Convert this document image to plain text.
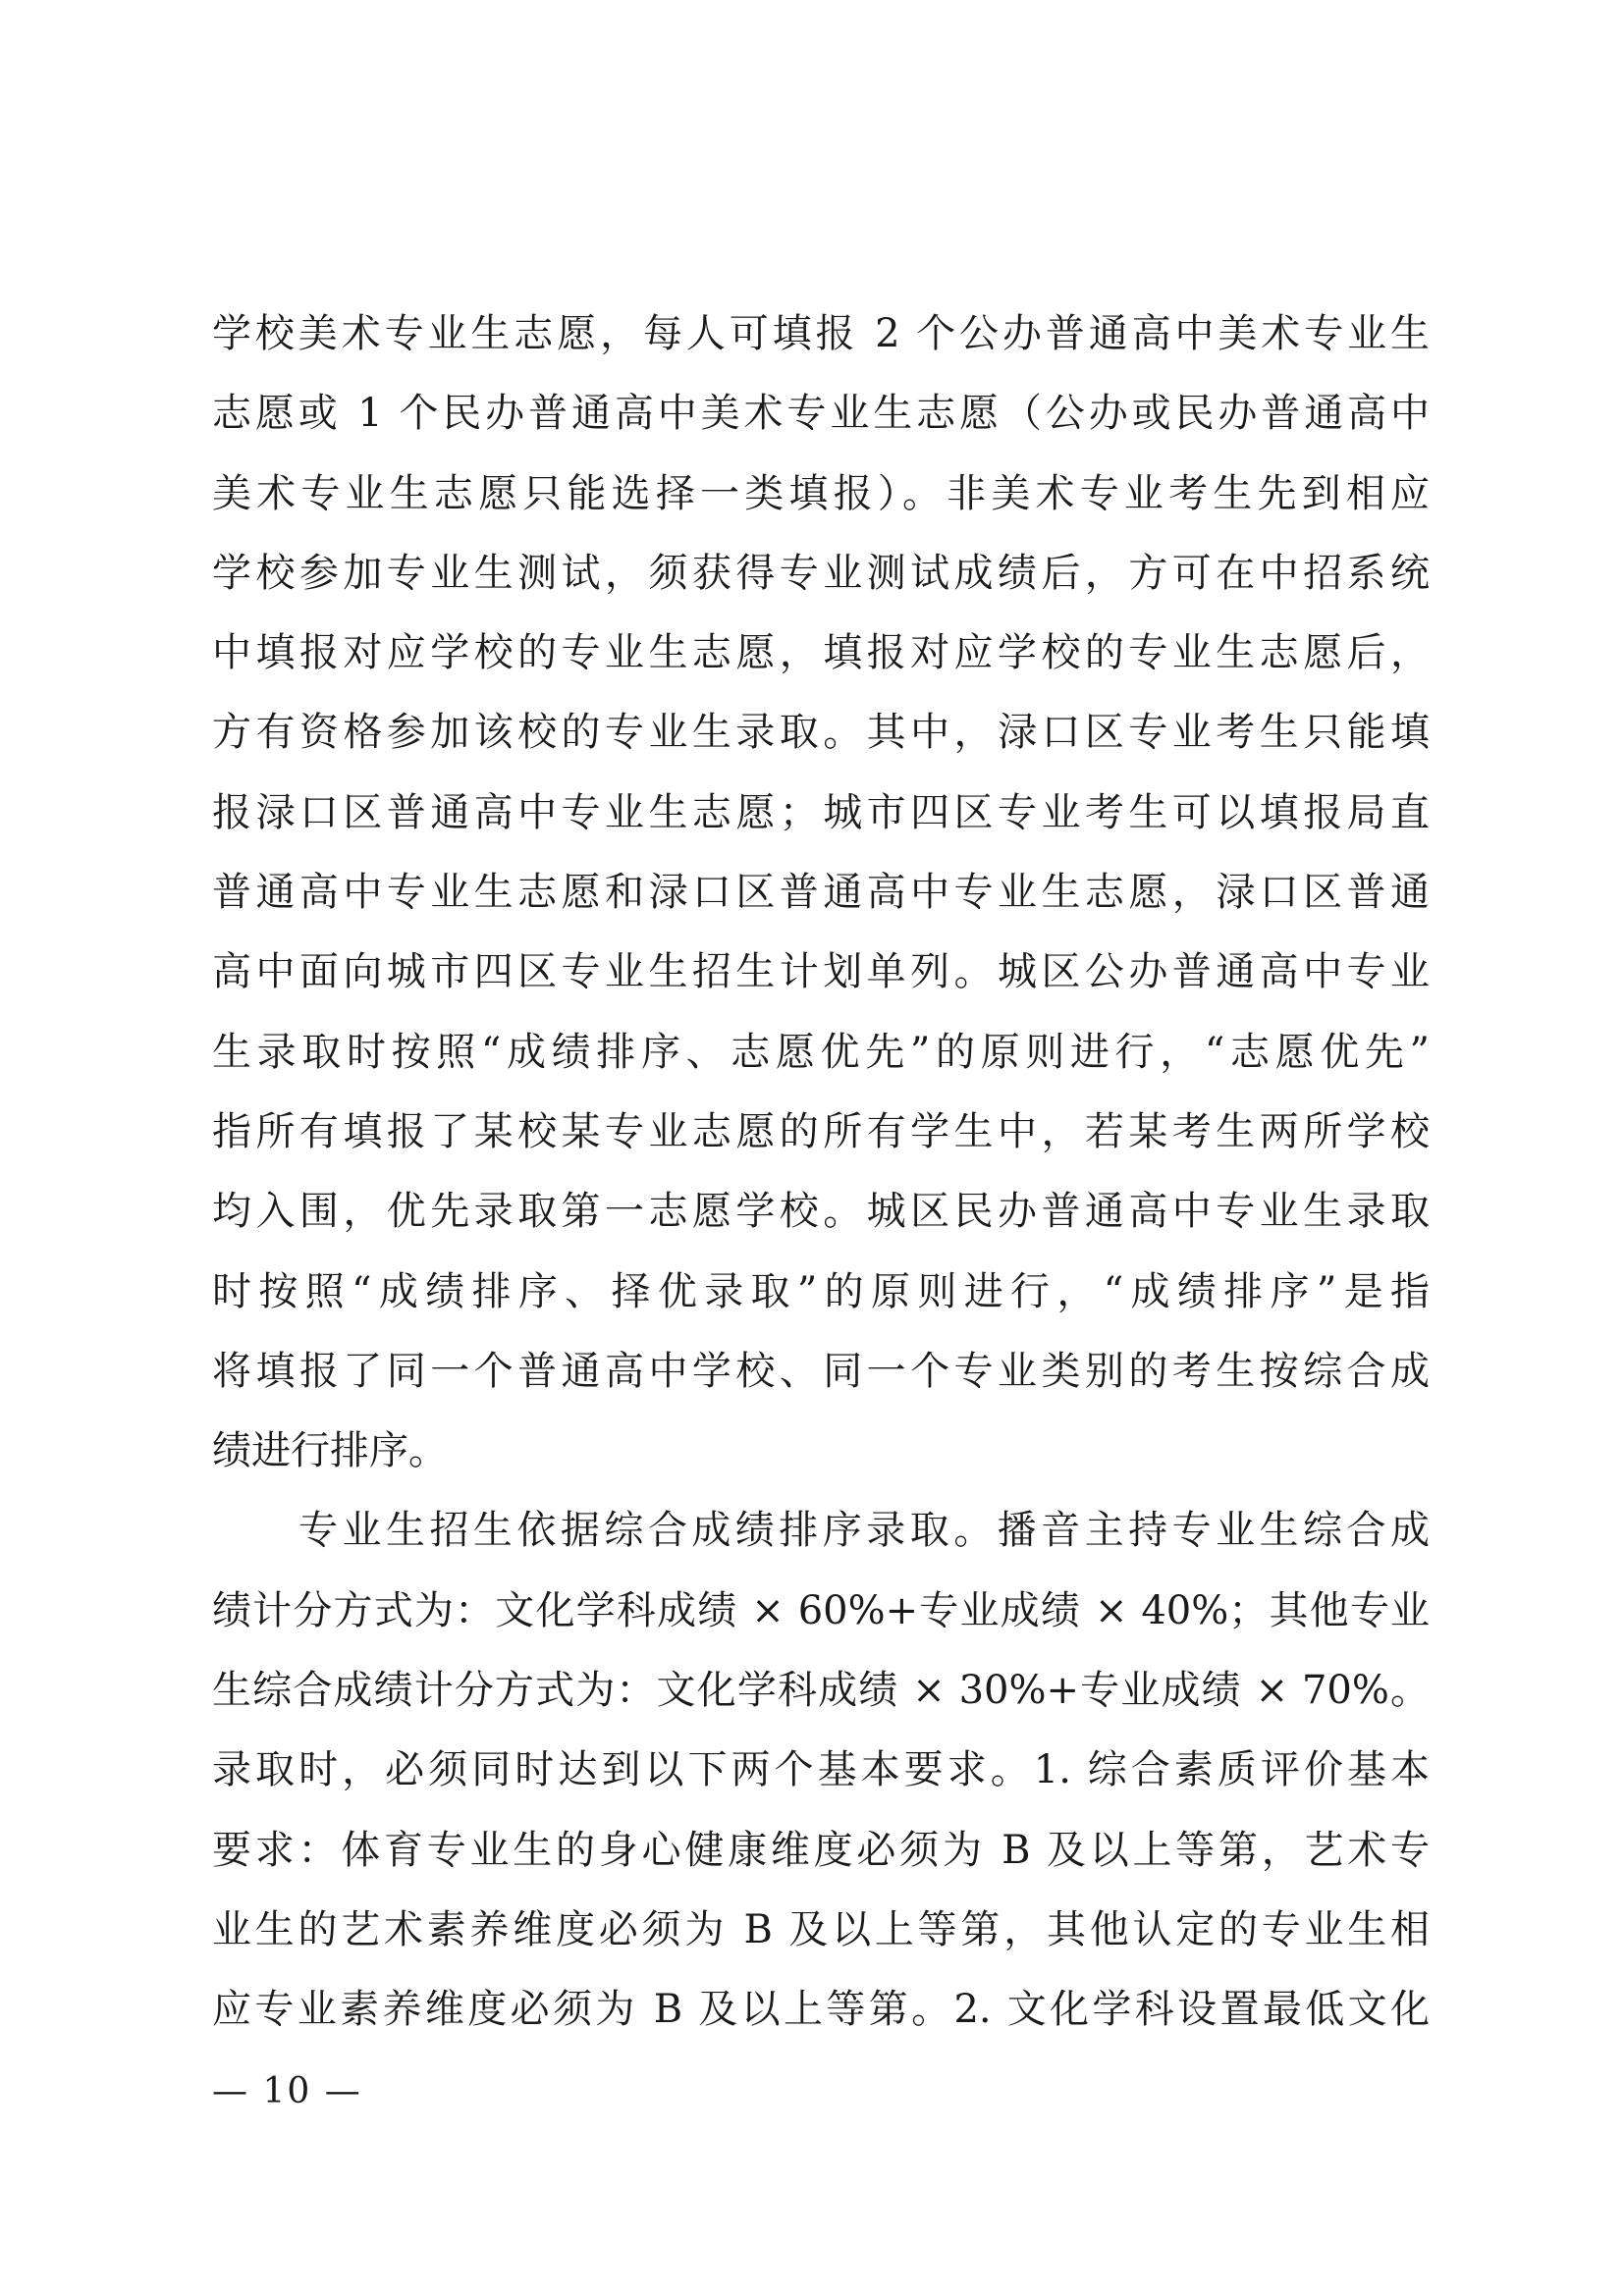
学校美术专业生志愿，每人可填报 2 个公办普通高中美术专业生
志愿或 1 个民办普通高中美术专业生志愿（公办或民办普通高中
美术专业生志愿只能选择一类填报）。非美术专业考生先到相应
学校参加专业生测试，须获得专业测试成绩后，方可在中招系统
中填报对应学校的专业生志愿，填报对应学校的专业生志愿后，
方有资格参加该校的专业生录取。其中，渌口区专业考生只能填
报渌口区普通高中专业生志愿；城市四区专业考生可以填报局直
普通高中专业生志愿和渌口区普通高中专业生志愿，渌口区普通
高中面向城市四区专业生招生计划单列。城区公办普通高中专业
生录取时按照“成绩排序、志愿优先”的原则进行，“志愿优先”
指所有填报了某校某专业志愿的所有学生中，若某考生两所学校
均入围，优先录取第一志愿学校。城区民办普通高中专业生录取
时按照“成绩排序、择优录取”的原则进行，“成绩排序”是指
将填报了同一个普通高中学校、同一个专业类别的考生按综合成
绩进行排序。
专业生招生依据综合成绩排序录取。播音主持专业生综合成
绩计分方式为：文化学科成绩 × 60%+专业成绩 × 40%；其他专业
生综合成绩计分方式为：文化学科成绩 × 30%+专业成绩 × 70%。
录取时，必须同时达到以下两个基本要求。1. 综合素质评价基本
要求：体育专业生的身心健康维度必须为 B 及以上等第，艺术专
业生的艺术素养维度必须为 B 及以上等第，其他认定的专业生相
应专业素养维度必须为 B 及以上等第。2. 文化学科设置最低文化
— 10 —
